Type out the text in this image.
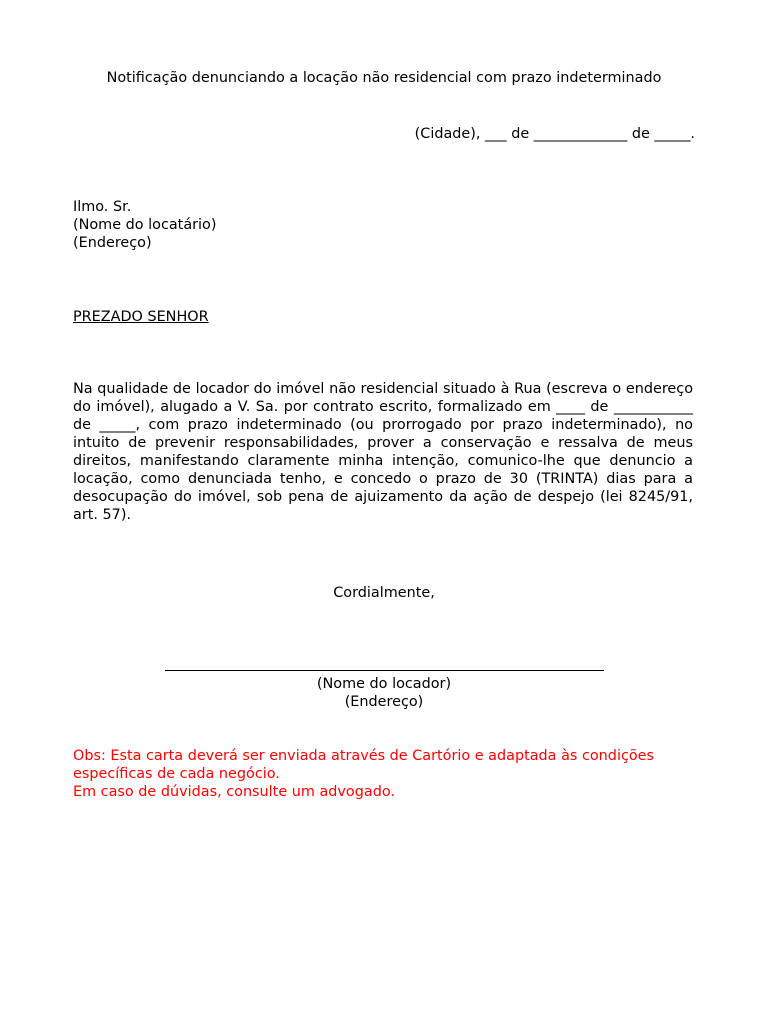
Notificação denunciando a locação não residencial com prazo indeterminado
(Cidade), ___ de _____________ de _____.
Ilmo. Sr.
(Nome do locatário)
(Endereço)
PREZADO SENHOR

Na qualidade de locador do imóvel não residencial situado à Rua (escreva o endereço do imóvel), alugado a V. Sa. por contrato escrito, formalizado em ____ de ___________ de _____, com prazo indeterminado (ou prorrogado por prazo indeterminado), no intuito de prevenir responsabilidades, prover a conservação e ressalva de meus direitos, manifestando claramente minha intenção, comunico-lhe que denuncio a locação, como denunciada tenho, e concedo o prazo de 30 (TRINTA) dias para a desocupação do imóvel, sob pena de ajuizamento da ação de despejo (lei 8245/91, art. 57).

Cordialmente,
(Nome do locador)
(Endereço)
Obs: Esta carta deverá ser enviada através de Cartório e adaptada às condições específicas de cada negócio.
Em caso de dúvidas, consulte um advogado.
